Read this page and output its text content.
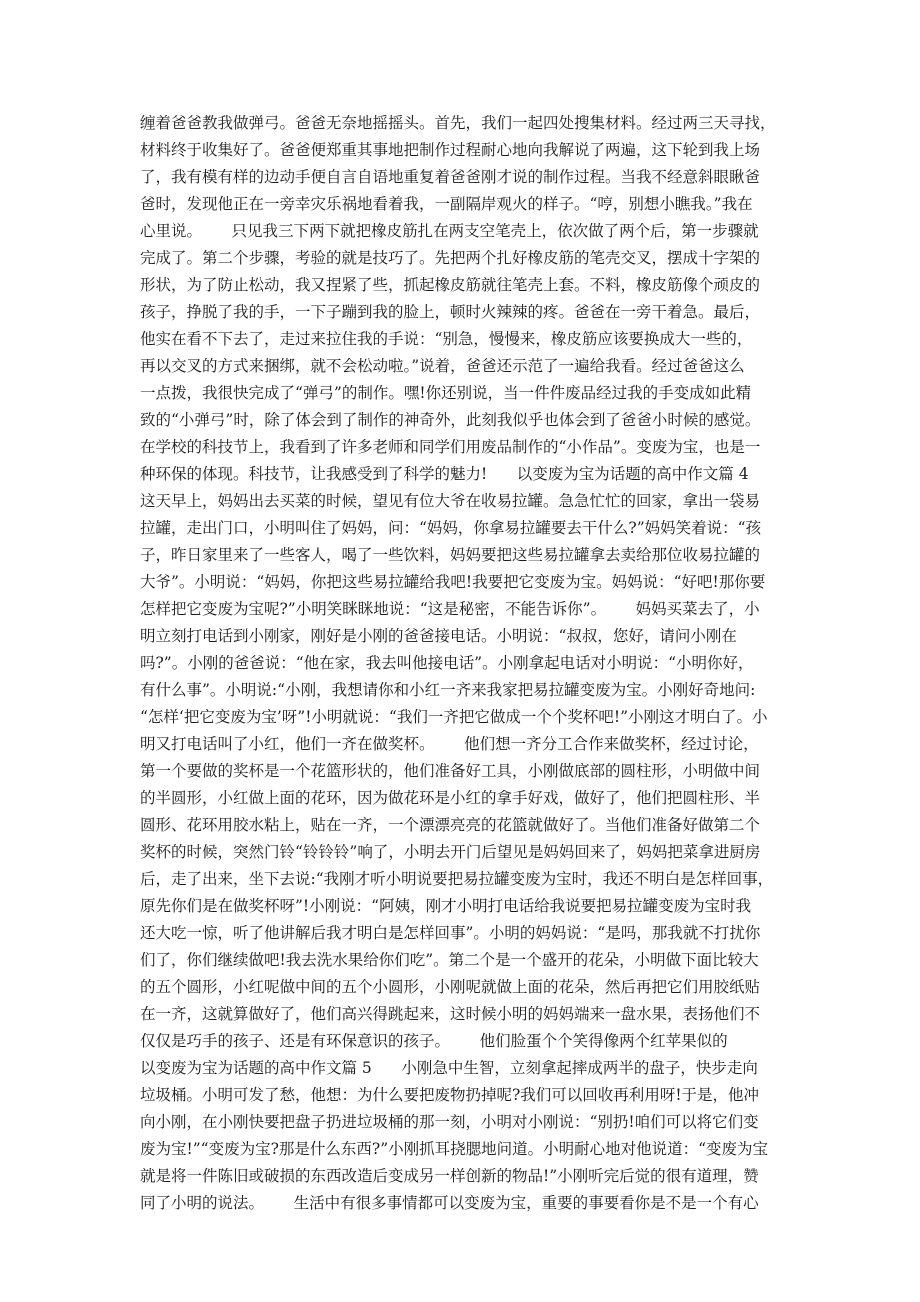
缠着爸爸教我做弹弓。爸爸无奈地摇摇头。首先，我们一起四处搜集材料。经过两三天寻找，
材料终于收集好了。爸爸便郑重其事地把制作过程耐心地向我解说了两遍，这下轮到我上场
了，我有模有样的边动手便自言自语地重复着爸爸刚才说的制作过程。当我不经意斜眼瞅爸
爸时，发现他正在一旁幸灾乐祸地看着我，一副隔岸观火的样子。“哼，别想小瞧我。”我在
心里说。      只见我三下两下就把橡皮筋扎在两支空笔壳上，依次做了两个后，第一步骤就
完成了。第二个步骤，考验的就是技巧了。先把两个扎好橡皮筋的笔壳交叉，摆成十字架的
形状，为了防止松动，我又捏紧了些，抓起橡皮筋就往笔壳上套。不料，橡皮筋像个顽皮的
孩子，挣脱了我的手，一下子蹦到我的脸上，顿时火辣辣的疼。爸爸在一旁干着急。最后，
他实在看不下去了，走过来拉住我的手说：“别急，慢慢来，橡皮筋应该要换成大一些的，
再以交叉的方式来捆绑，就不会松动啦。”说着，爸爸还示范了一遍给我看。经过爸爸这么
一点拨，我很快完成了“弹弓”的制作。嘿!你还别说，当一件件废品经过我的手变成如此精
致的“小弹弓”时，除了体会到了制作的神奇外，此刻我似乎也体会到了爸爸小时候的感觉。
在学校的科技节上，我看到了许多老师和同学们用废品制作的“小作品”。变废为宝，也是一
种环保的体现。科技节，让我感受到了科学的魅力!      以变废为宝为话题的高中作文篇 4
这天早上，妈妈出去买菜的时候，望见有位大爷在收易拉罐。急急忙忙的回家，拿出一袋易
拉罐，走出门口，小明叫住了妈妈，问：“妈妈，你拿易拉罐要去干什么?”妈妈笑着说：“孩
子，昨日家里来了一些客人，喝了一些饮料，妈妈要把这些易拉罐拿去卖给那位收易拉罐的
大爷”。小明说：“妈妈，你把这些易拉罐给我吧!我要把它变废为宝。妈妈说：“好吧!那你要
怎样把它变废为宝呢?”小明笑眯眯地说：“这是秘密，不能告诉你”。      妈妈买菜去了，小
明立刻打电话到小刚家，刚好是小刚的爸爸接电话。小明说：“叔叔，您好，请问小刚在
吗?”。小刚的爸爸说：“他在家，我去叫他接电话”。小刚拿起电话对小明说：“小明你好，
有什么事”。小明说:“小刚，我想请你和小红一齐来我家把易拉罐变废为宝。小刚好奇地问:
“怎样‘把它变废为宝’呀”!小明就说：“我们一齐把它做成一个个奖杯吧!”小刚这才明白了。小
明又打电话叫了小红，他们一齐在做奖杯。      他们想一齐分工合作来做奖杯，经过讨论，
第一个要做的奖杯是一个花篮形状的，他们准备好工具，小刚做底部的圆柱形，小明做中间
的半圆形，小红做上面的花环，因为做花环是小红的拿手好戏，做好了，他们把圆柱形、半
圆形、花环用胶水粘上，贴在一齐，一个漂漂亮亮的花篮就做好了。当他们准备好做第二个
奖杯的时候，突然门铃“铃铃铃”响了，小明去开门后望见是妈妈回来了，妈妈把菜拿进厨房
后，走了出来，坐下去说:“我刚才听小明说要把易拉罐变废为宝时，我还不明白是怎样回事，
原先你们是在做奖杯呀”!小刚说：“阿姨，刚才小明打电话给我说要把易拉罐变废为宝时我
还大吃一惊，听了他讲解后我才明白是怎样回事”。小明的妈妈说：“是吗，那我就不打扰你
们了，你们继续做吧!我去洗水果给你们吃”。第二个是一个盛开的花朵，小明做下面比较大
的五个圆形，小红呢做中间的五个小圆形，小刚呢就做上面的花朵，然后再把它们用胶纸贴
在一齐，这就算做好了，他们高兴得跳起来，这时候小明的妈妈端来一盘水果，表扬他们不
仅仅是巧手的孩子、还是有环保意识的孩子。      他们脸蛋个个笑得像两个红苹果似的
以变废为宝为话题的高中作文篇 5      小刚急中生智，立刻拿起摔成两半的盘子，快步走向
垃圾桶。小明可发了愁，他想：为什么要把废物扔掉呢?我们可以回收再利用呀!于是，他冲
向小刚，在小刚快要把盘子扔进垃圾桶的那一刻，小明对小刚说：“别扔!咱们可以将它们变
废为宝!”“变废为宝?那是什么东西?”小刚抓耳挠腮地问道。小明耐心地对他说道：“变废为宝
就是将一件陈旧或破损的东西改造后变成另一样创新的物品!”小刚听完后觉的很有道理，赞
同了小明的说法。      生活中有很多事情都可以变废为宝，重要的事要看你是不是一个有心
